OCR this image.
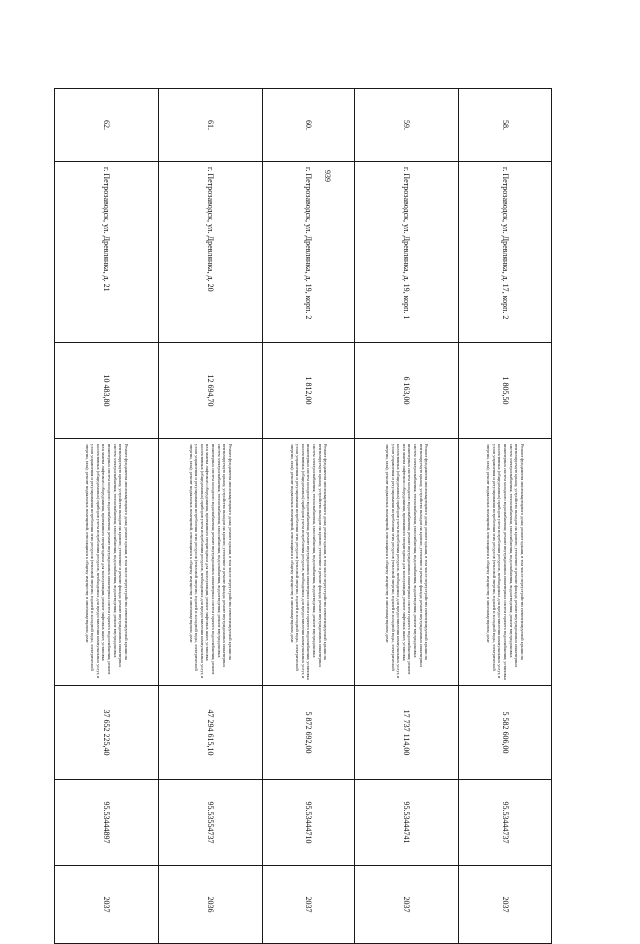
939
58.	г. Петрозаводск, ул. Древлянка, д. 17, корп. 2	1 805,50	Ремонт фундамента многоквартирного дома; ремонт крыши, в том числе переустройство невентилируемой крыши на вентилируемую крышу, устройство выходов на кровлю; утепление и ремонт фасада; ремонт внутридомовых инженерных систем электроснабжения, теплоснабжения, газоснабжения, водоснабжения, водоотведения; ремонт внутридомовых инженерных систем холодного водоснабжения; ремонт внутридомовых инженерных систем горячего водоснабжения; установка коллективных (общедомовых) приборов учета потребления ресурсов, необходимых для предоставления коммунальных услуг, и узлов управления и регулирования потребления этих ресурсов (тепловой энергии, горячей и холодной воды, электрической энергии, газа); ремонт подвальных помещений, относящихся к общему имуществу в многоквартирном доме	5 582 606,00	95.53444737	2037
59.	г. Петрозаводск, ул. Древлянка, д. 19, корп. 1	6 163,00	Ремонт фундамента многоквартирного дома; ремонт крыши, в том числе переустройство невентилируемой крыши на вентилируемую крышу, устройство выходов на кровлю; утепление и ремонт фасада; ремонт внутридомовых инженерных систем электроснабжения, теплоснабжения, газоснабжения, водоснабжения, водоотведения; ремонт внутридомовых инженерных систем холодного водоснабжения; ремонт внутридомовых инженерных систем горячего водоснабжения; ремонт или замена лифтового оборудования, признанного непригодным для эксплуатации, ремонт лифтовых шахт; установка коллективных (общедомовых) приборов учета потребления ресурсов, необходимых для предоставления коммунальных услуг, и узлов управления и регулирования потребления этих ресурсов (тепловой энергии, горячей и холодной воды, электрической энергии, газа); ремонт подвальных помещений, относящихся к общему имуществу в многоквартирном доме	17 737 114,00	95.53444741	2037
60.	г. Петрозаводск, ул. Древлянка, д. 19, корп. 2	1 812,00	Ремонт фундамента многоквартирного дома; ремонт крыши, в том числе переустройство невентилируемой крыши на вентилируемую крышу, устройство выходов на кровлю; утепление и ремонт фасада; ремонт внутридомовых инженерных систем электроснабжения, теплоснабжения, газоснабжения, водоснабжения, водоотведения; ремонт внутридомовых инженерных систем холодного водоснабжения; ремонт внутридомовых инженерных систем горячего водоснабжения; установка коллективных (общедомовых) приборов учета потребления ресурсов, необходимых для предоставления коммунальных услуг, и узлов управления и регулирования потребления этих ресурсов (тепловой энергии, горячей и холодной воды, электрической энергии, газа); ремонт подвальных помещений, относящихся к общему имуществу в многоквартирном доме	5 872 692,00	95.53444710	2037
61.	г. Петрозаводск, ул. Древлянка, д. 20	12 694,70	Ремонт фундамента многоквартирного дома; ремонт крыши, в том числе переустройство невентилируемой крыши на вентилируемую крышу, устройство выходов на кровлю; утепление и ремонт фасада; ремонт внутридомовых инженерных систем электроснабжения, теплоснабжения, газоснабжения, водоснабжения, водоотведения; ремонт внутридомовых инженерных систем холодного водоснабжения; ремонт внутридомовых инженерных систем горячего водоснабжения; ремонт или замена лифтового оборудования, признанного непригодным для эксплуатации, ремонт лифтовых шахт; установка коллективных (общедомовых) приборов учета потребления ресурсов, необходимых для предоставления коммунальных услуг, и узлов управления и регулирования потребления этих ресурсов (тепловой энергии, горячей и холодной воды, электрической энергии, газа); ремонт подвальных помещений, относящихся к общему имуществу в многоквартирном доме	47 294 615,10	95.53554737	2036
62.	г. Петрозаводск, ул. Древлянка, д. 21	10 483,80	Ремонт фундамента многоквартирного дома; ремонт крыши, в том числе переустройство невентилируемой крыши на вентилируемую крышу, устройство выходов на кровлю; утепление и ремонт фасада; ремонт внутридомовых инженерных систем электроснабжения, теплоснабжения, газоснабжения, водоснабжения, водоотведения; ремонт внутридомовых инженерных систем холодного водоснабжения; ремонт внутридомовых инженерных систем горячего водоснабжения; ремонт или замена лифтового оборудования, признанного непригодным для эксплуатации, ремонт лифтовых шахт; установка коллективных (общедомовых) приборов учета потребления ресурсов, необходимых для предоставления коммунальных услуг, и узлов управления и регулирования потребления этих ресурсов (тепловой энергии, горячей и холодной воды, электрической энергии, газа); ремонт подвальных помещений, относящихся к общему имуществу в многоквартирном доме	37 652 225,40	95.53444897	2037
